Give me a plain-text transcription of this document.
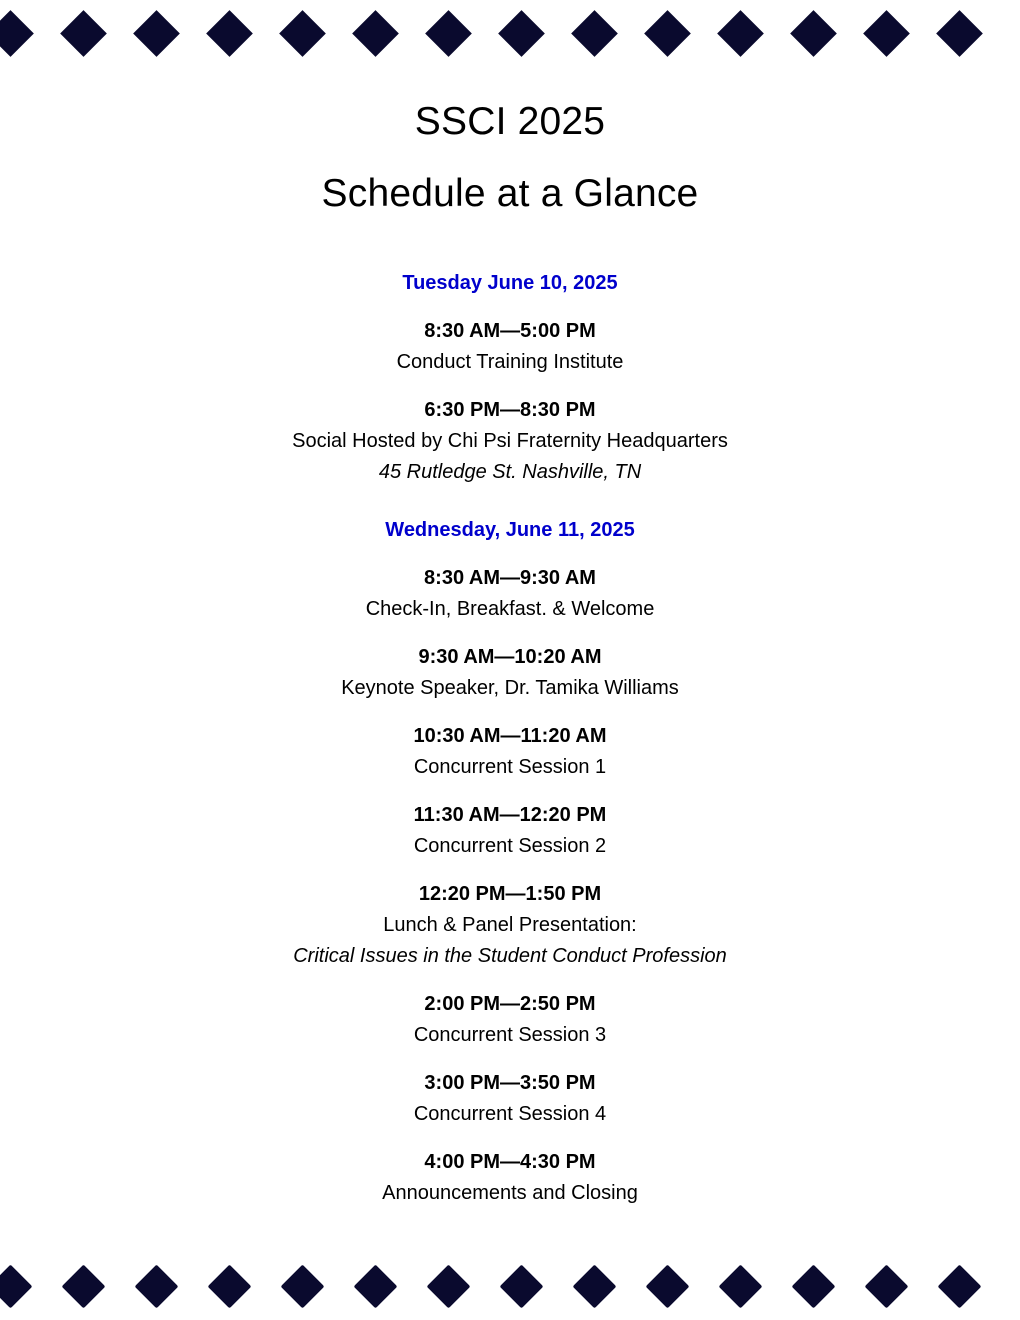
SSCI 2025
Schedule at a Glance
Tuesday June 10, 2025
8:30 AM—5:00 PM
Conduct Training Institute
6:30 PM—8:30 PM
Social Hosted by Chi Psi Fraternity Headquarters
45 Rutledge St. Nashville, TN
Wednesday, June 11, 2025
8:30 AM—9:30 AM
Check-In, Breakfast. & Welcome
9:30 AM—10:20 AM
Keynote Speaker, Dr. Tamika Williams
10:30 AM—11:20 AM
Concurrent Session 1
11:30 AM—12:20 PM
Concurrent Session 2
12:20 PM—1:50 PM
Lunch & Panel Presentation:
Critical Issues in the Student Conduct Profession
2:00 PM—2:50 PM
Concurrent Session 3
3:00 PM—3:50 PM
Concurrent Session 4
4:00 PM—4:30 PM
Announcements and Closing
